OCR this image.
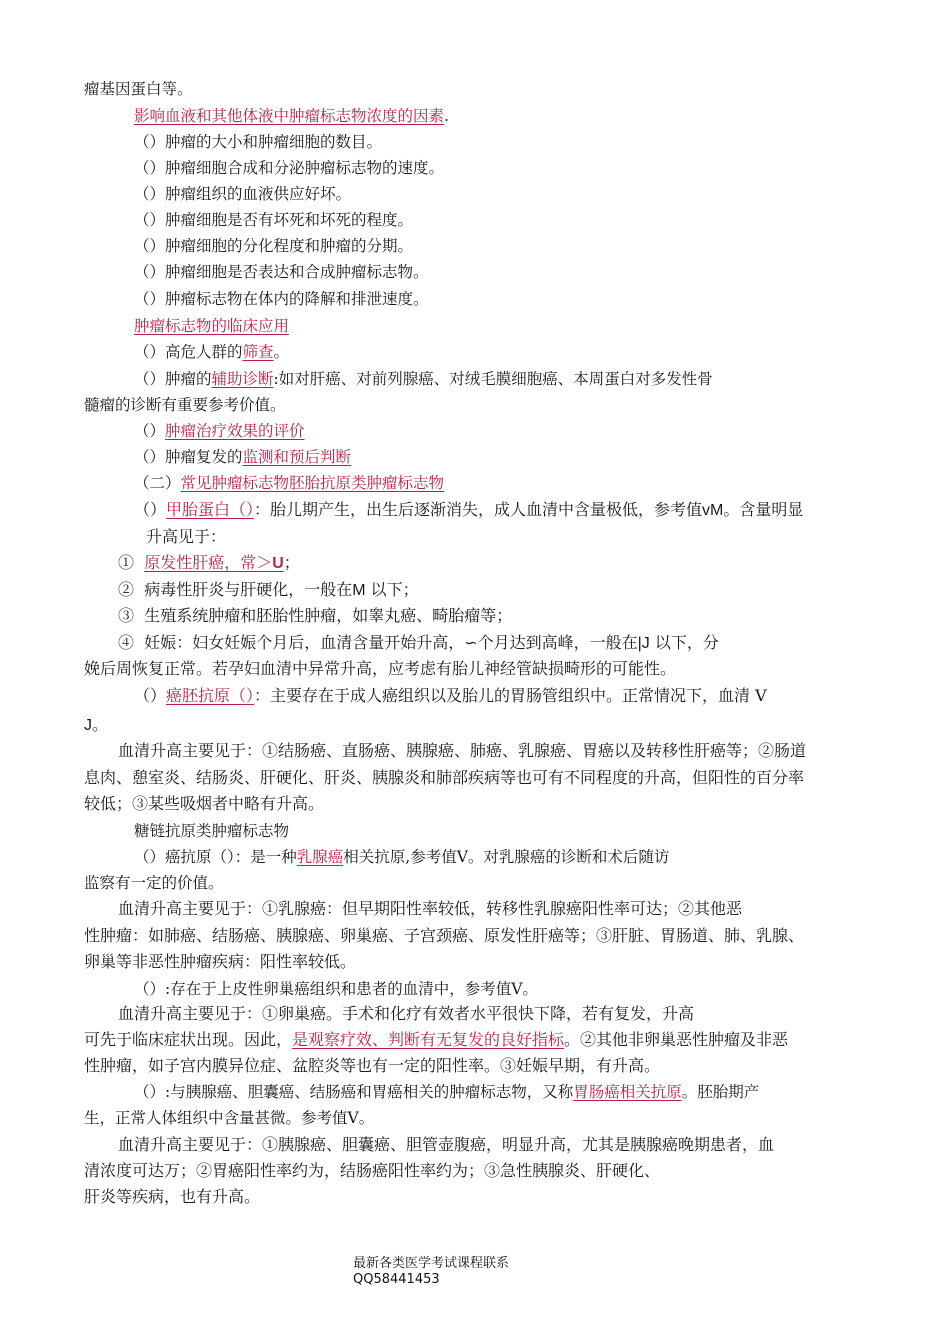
瘤基因蛋白等。
影响血液和其他体液中肿瘤标志物浓度的因素.
（）肿瘤的大小和肿瘤细胞的数目。
（）肿瘤细胞合成和分泌肿瘤标志物的速度。
（）肿瘤组织的血液供应好坏。
（）肿瘤细胞是否有坏死和坏死的程度。
（）肿瘤细胞的分化程度和肿瘤的分期。
（）肿瘤细胞是否表达和合成肿瘤标志物。
（）肿瘤标志物在体内的降解和排泄速度。
肿瘤标志物的临床应用
（）高危人群的筛查。
（）肿瘤的辅助诊断:如对肝癌、对前列腺癌、对绒毛膜细胞癌、本周蛋白对多发性骨
髓瘤的诊断有重要参考价值。
（）肿瘤治疗效果的评价
（）肿瘤复发的监测和预后判断
（二）常见肿瘤标志物胚胎抗原类肿瘤标志物
（）甲胎蛋白（）：胎儿期产生，出生后逐渐消失，成人血清中含量极低，参考值vM。含量明显
升高见于：
① 原发性肝癌，常＞U；
② 病毒性肝炎与肝硬化，一般在M 以下；
③ 生殖系统肿瘤和胚胎性肿瘤，如睾丸癌、畸胎瘤等；
④ 妊娠：妇女妊娠个月后，血清含量开始升高，∽个月达到高峰，一般在|J 以下，分
娩后周恢复正常。若孕妇血清中异常升高，应考虑有胎儿神经管缺损畸形的可能性。
（）癌胚抗原（）：主要存在于成人癌组织以及胎儿的胃肠管组织中。正常情况下，血清 V
J。
血清升高主要见于：①结肠癌、直肠癌、胰腺癌、肺癌、乳腺癌、胃癌以及转移性肝癌等；②肠道
息肉、憩室炎、结肠炎、肝硬化、肝炎、胰腺炎和肺部疾病等也可有不同程度的升高，但阳性的百分率
较低；③某些吸烟者中略有升高。
糖链抗原类肿瘤标志物
（）癌抗原（）：是一种乳腺癌相关抗原,参考值V。对乳腺癌的诊断和术后随访
监察有一定的价值。
血清升高主要见于：①乳腺癌：但早期阳性率较低，转移性乳腺癌阳性率可达；②其他恶
性肿瘤：如肺癌、结肠癌、胰腺癌、卵巢癌、子宫颈癌、原发性肝癌等；③肝脏、胃肠道、肺、乳腺、
卵巢等非恶性肿瘤疾病：阳性率较低。
（）:存在于上皮性卵巢癌组织和患者的血清中，参考值V。
血清升高主要见于：①卵巢癌。手术和化疗有效者水平很快下降，若有复发，升高
可先于临床症状出现。因此，是观察疗效、判断有无复发的良好指标。②其他非卵巢恶性肿瘤及非恶
性肿瘤，如子宫内膜异位症、盆腔炎等也有一定的阳性率。③妊娠早期，有升高。
（）:与胰腺癌、胆囊癌、结肠癌和胃癌相关的肿瘤标志物，又称胃肠癌相关抗原。胚胎期产
生，正常人体组织中含量甚微。参考值V。
血清升高主要见于：①胰腺癌、胆囊癌、胆管壶腹癌，明显升高，尤其是胰腺癌晚期患者，血
清浓度可达万；②胃癌阳性率约为，结肠癌阳性率约为；③急性胰腺炎、肝硬化、
肝炎等疾病，也有升高。
最新各类医学考试课程联系
QQ58441453
